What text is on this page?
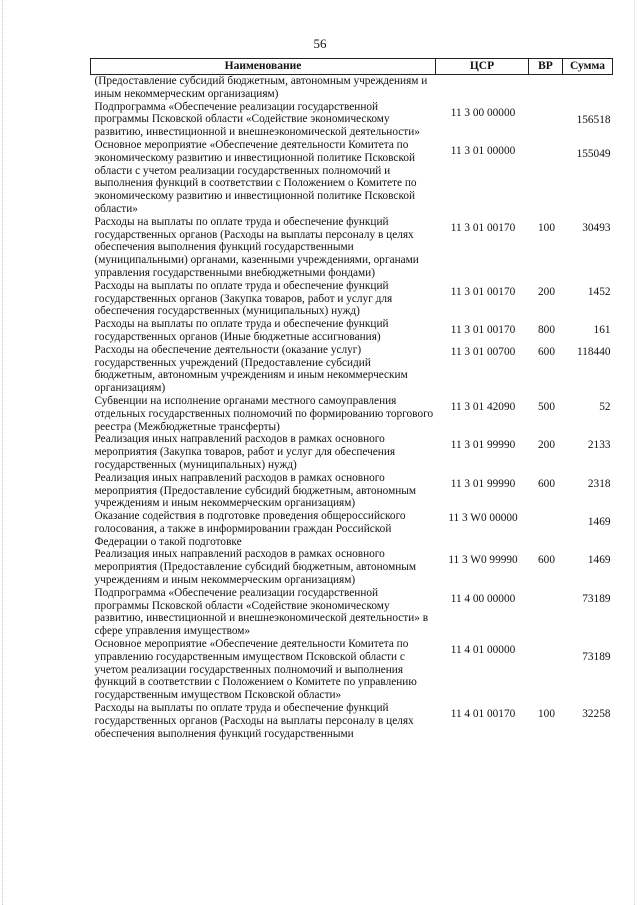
56
Наименование	ЦСР	ВР	Сумма
(Предоставление субсидий бюджетным, автономным учреждениям и иным некоммерческим организациям)			
Подпрограмма «Обеспечение реализации государственной программы Псковской области «Содействие экономическому развитию, инвестиционной и внешнеэкономической деятельности»	11 3 00 00000		156518
Основное мероприятие «Обеспечение деятельности Комитета по экономическому развитию и инвестиционной политике Псковской области с учетом реализации государственных полномочий и выполнения функций в соответствии с Положением о Комитете по экономическому развитию и инвестиционной политике Псковской области»	11 3 01 00000		155049
Расходы на выплаты по оплате труда и обеспечение функций государственных органов (Расходы на выплаты персоналу в целях обеспечения выполнения функций государственными (муниципальными) органами, казенными учреждениями, органами управления государственными внебюджетными фондами)	11 3 01 00170	100	30493
Расходы на выплаты по оплате труда и обеспечение функций государственных органов (Закупка товаров, работ и услуг для обеспечения государственных (муниципальных) нужд)	11 3 01 00170	200	1452
Расходы на выплаты по оплате труда и обеспечение функций государственных органов (Иные бюджетные ассигнования)	11 3 01 00170	800	161
Расходы на обеспечение деятельности (оказание услуг) государственных учреждений (Предоставление субсидий бюджетным, автономным учреждениям и иным некоммерческим организациям)	11 3 01 00700	600	118440
Субвенции на исполнение органами местного самоуправления отдельных государственных полномочий по формированию торгового реестра (Межбюджетные трансферты)	11 3 01 42090	500	52
Реализация иных направлений расходов в рамках основного мероприятия (Закупка товаров, работ и услуг для обеспечения государственных (муниципальных) нужд)	11 3 01 99990	200	2133
Реализация иных направлений расходов в рамках основного мероприятия (Предоставление субсидий бюджетным, автономным учреждениям и иным некоммерческим организациям)	11 3 01 99990	600	2318
Оказание содействия в подготовке проведения общероссийского голосования, а также в информировании граждан Российской Федерации о такой подготовке	11 3 W0 00000		1469
Реализация иных направлений расходов в рамках основного мероприятия (Предоставление субсидий бюджетным, автономным учреждениям и иным некоммерческим организациям)	11 3 W0 99990	600	1469
Подпрограмма «Обеспечение реализации государственной программы Псковской области «Содействие экономическому развитию, инвестиционной и внешнеэкономической деятельности» в сфере управления имуществом»	11 4 00 00000		73189
Основное мероприятие «Обеспечение деятельности Комитета по управлению государственным имуществом Псковской области с учетом реализации государственных полномочий и выполнения функций в соответствии с Положением о Комитете по управлению государственным имуществом Псковской области»	11 4 01 00000		73189
Расходы на выплаты по оплате труда и обеспечение функций государственных органов (Расходы на выплаты персоналу в целях обеспечения выполнения функций государственными	11 4 01 00170	100	32258
